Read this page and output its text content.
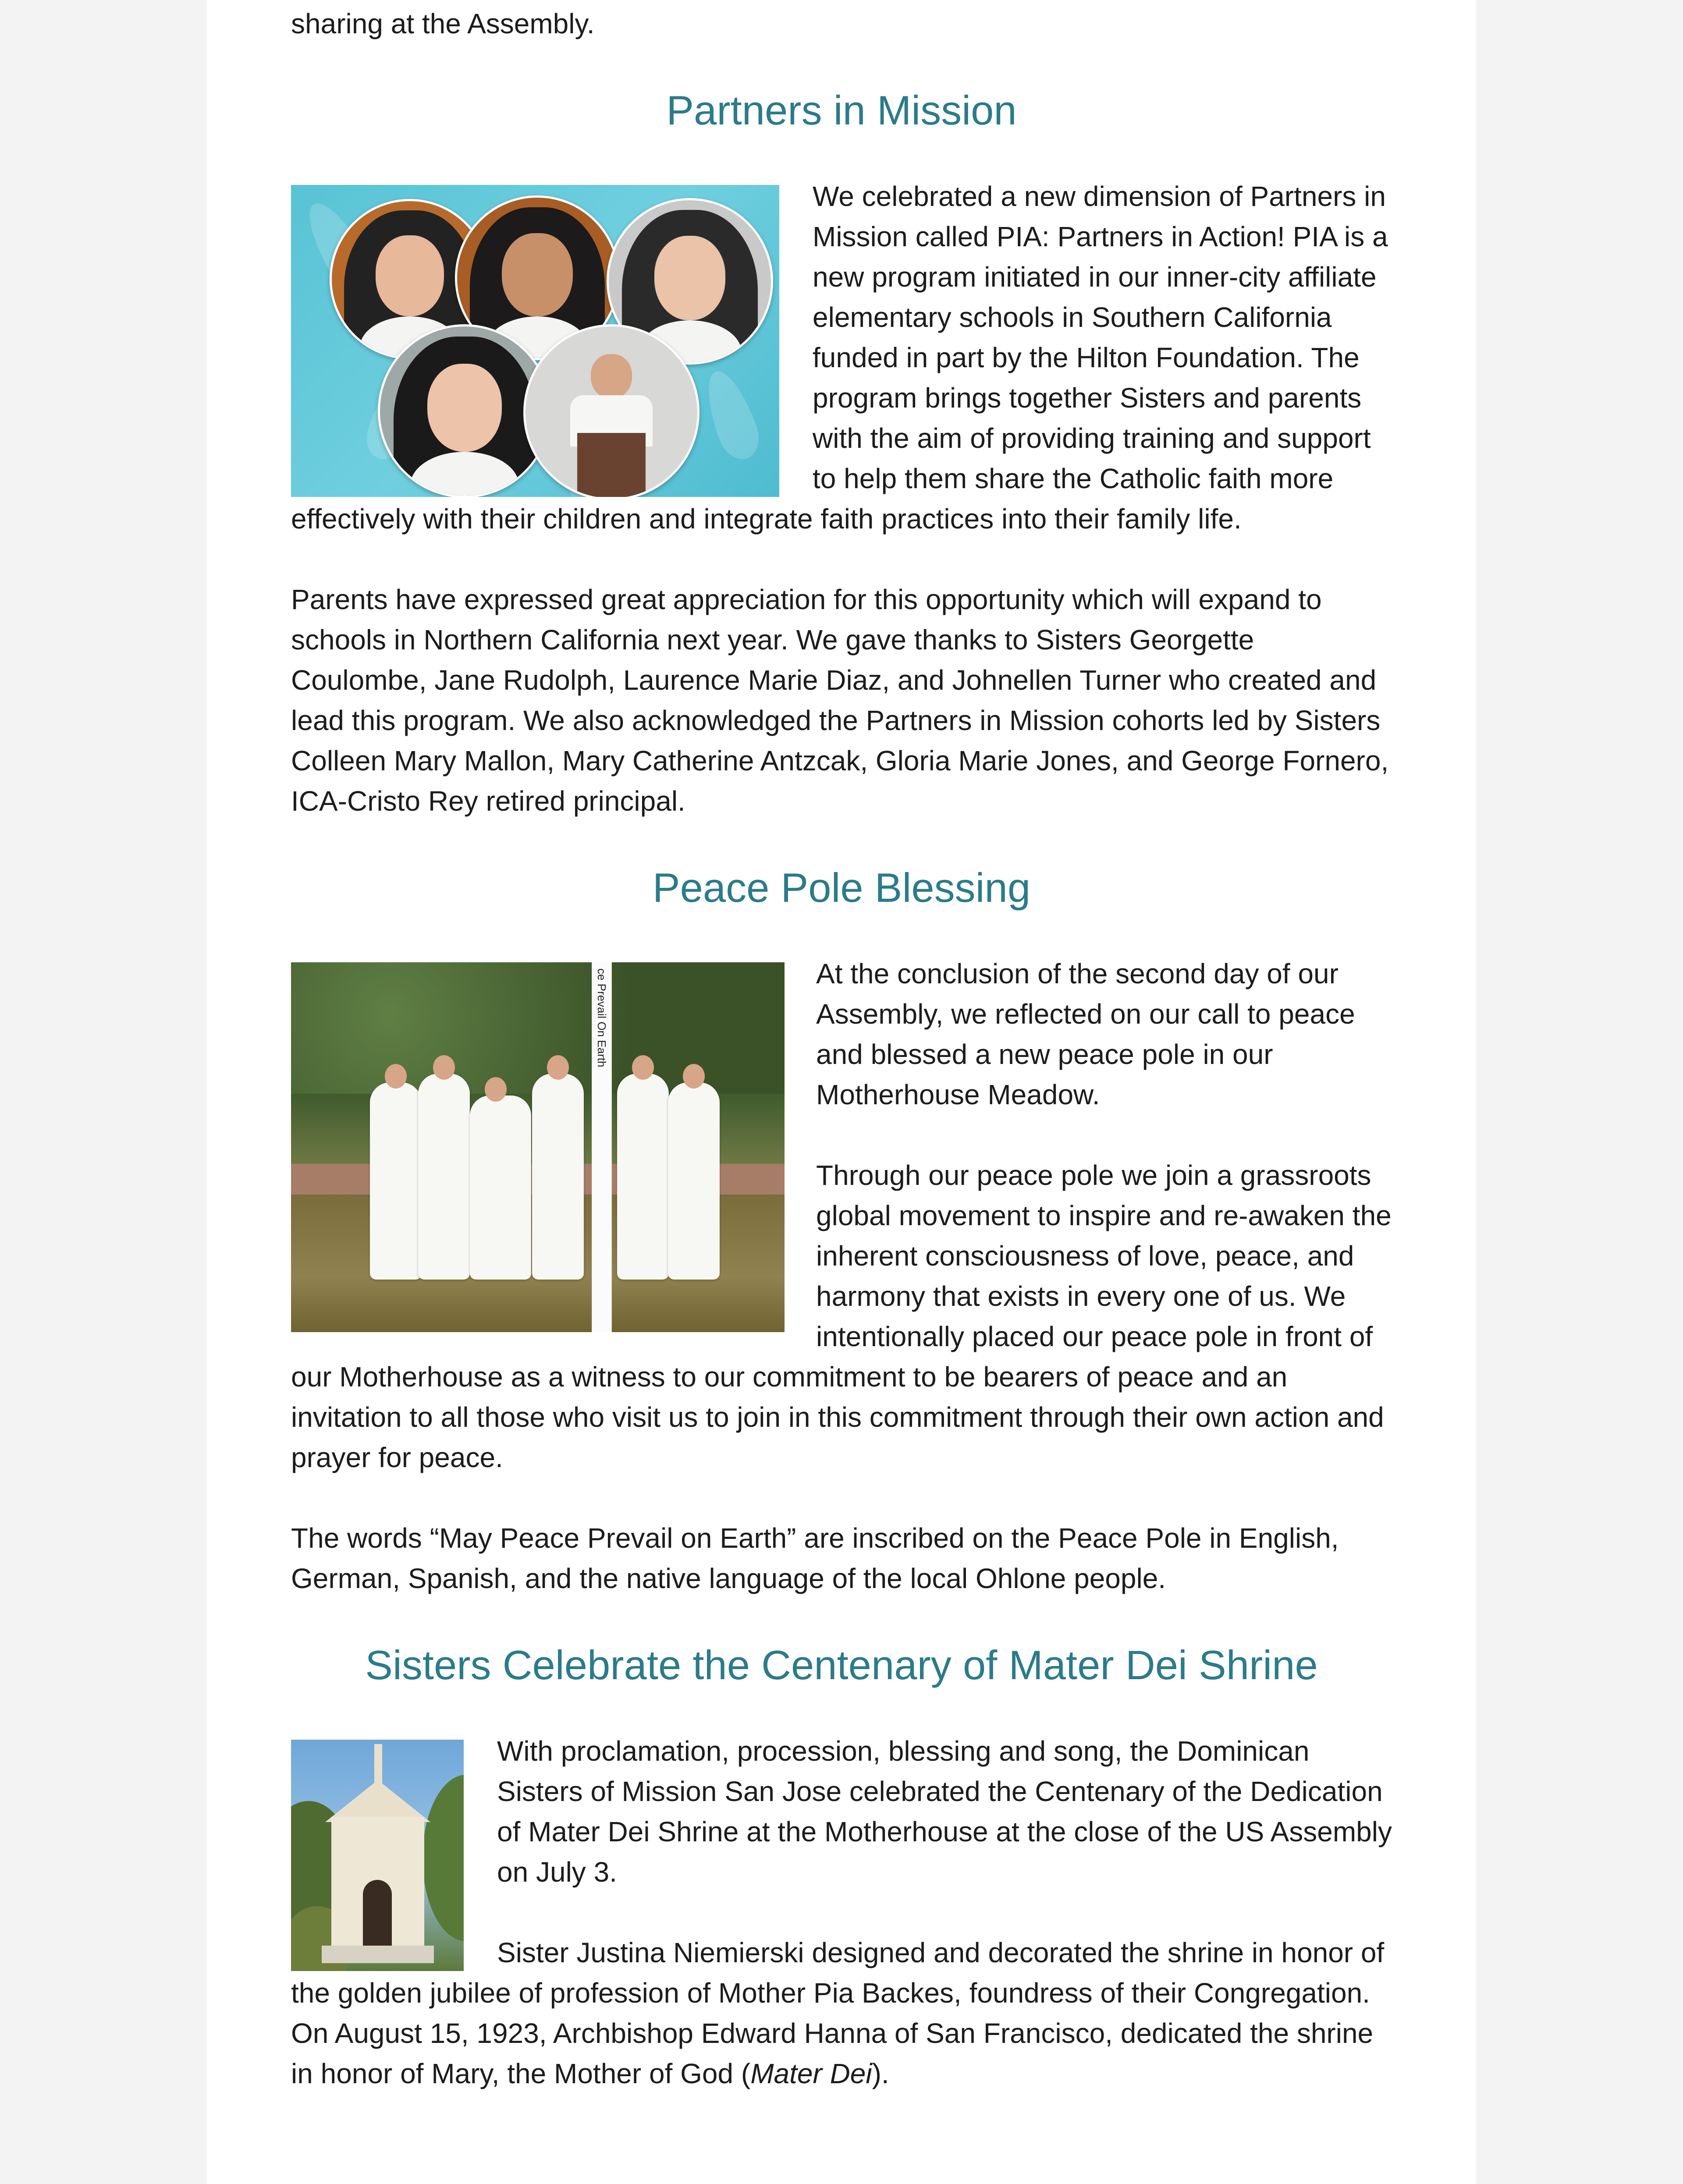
sharing at the Assembly.

Partners in Mission

We celebrated a new dimension of Partners in Mission called PIA: Partners in Action! PIA is a new program initiated in our inner-city affiliate elementary schools in Southern California funded in part by the Hilton Foundation. The program brings together Sisters and parents with the aim of providing training and support to help them share the Catholic faith more effectively with their children and integrate faith practices into their family life.

Parents have expressed great appreciation for this opportunity which will expand to schools in Northern California next year. We gave thanks to Sisters Georgette Coulombe, Jane Rudolph, Laurence Marie Diaz, and Johnellen Turner who created and lead this program. We also acknowledged the Partners in Mission cohorts led by Sisters Colleen Mary Mallon, Mary Catherine Antzcak, Gloria Marie Jones, and George Fornero, ICA-Cristo Rey retired principal.

Peace Pole Blessing
ce Prevail On Earth	At the conclusion of the second day of our Assembly, we reflected on our call to peace and blessed a new peace pole in our Motherhouse Meadow.

Through our peace pole we join a grassroots global movement to inspire and re-awaken the inherent consciousness of love, peace, and harmony that exists in every one of us. We intentionally placed our peace pole in front of our Motherhouse as a witness to our commitment to be bearers of peace and an invitation to all those who visit us to join in this commitment through their own action and prayer for peace.

The words “May Peace Prevail on Earth” are inscribed on the Peace Pole in English, German, Spanish, and the native language of the local Ohlone people.

Sisters Celebrate the Centenary of Mater Dei Shrine

With proclamation, procession, blessing and song, the Dominican Sisters of Mission San Jose celebrated the Centenary of the Dedication of Mater Dei Shrine at the Motherhouse at the close of the US Assembly on July 3.

Sister Justina Niemierski designed and decorated the shrine in honor of the golden jubilee of profession of Mother Pia Backes, foundress of their Congregation. On August 15, 1923, Archbishop Edward Hanna of San Francisco, dedicated the shrine in honor of Mary, the Mother of God (Mater Dei).
